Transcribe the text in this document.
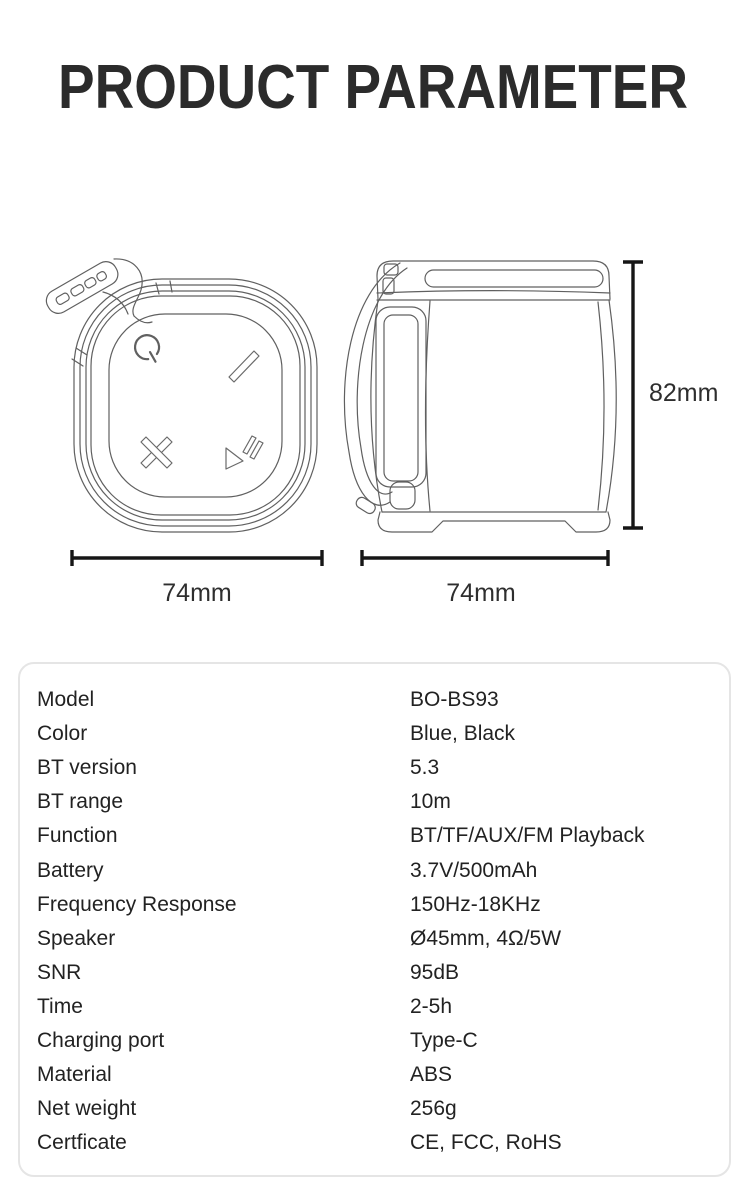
PRODUCT PARAMETER
82mm
74mm	74mm
Model	BO-BS93
Color	Blue, Black
BT version	5.3
BT range	10m
Function	BT/TF/AUX/FM Playback
Battery	3.7V/500mAh
Frequency Response	150Hz-18KHz
Speaker	Ø45mm, 4Ω/5W
SNR	95dB
Time	2-5h
Charging port	Type-C
Material	ABS
Net weight	256g
Certficate	CE, FCC, RoHS
